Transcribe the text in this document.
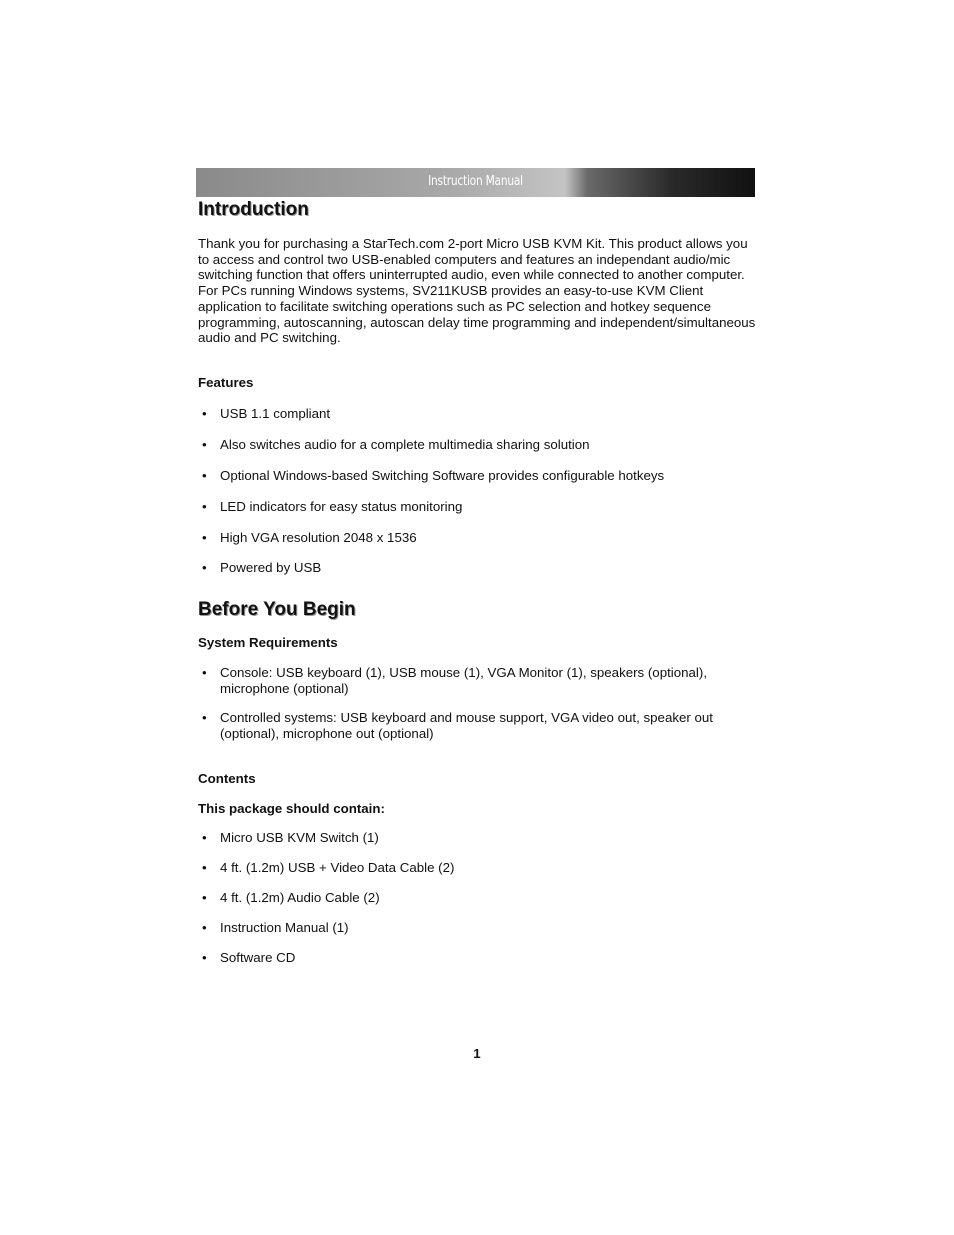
Instruction Manual
Introduction

Thank you for purchasing a StarTech.com 2-port Micro USB KVM Kit. This product allows you to access and control two USB-enabled computers and features an independant audio/mic switching function that offers uninterrupted audio, even while connected to another computer. For PCs running Windows systems, SV211KUSB provides an easy-to-use KVM Client application to facilitate switching operations such as PC selection and hotkey sequence programming, autoscanning, autoscan delay time programming and independent/simultaneous audio and PC switching.

Features
• USB 1.1 compliant
• Also switches audio for a complete multimedia sharing solution
• Optional Windows-based Switching Software provides configurable hotkeys
• LED indicators for easy status monitoring
• High VGA resolution 2048 x 1536
• Powered by USB
Before You Begin
System Requirements
• Console: USB keyboard (1), USB mouse (1), VGA Monitor (1), speakers (optional), microphone (optional)
• Controlled systems: USB keyboard and mouse support, VGA video out, speaker out (optional), microphone out (optional)
Contents
This package should contain:
• Micro USB KVM Switch (1)
• 4 ft. (1.2m) USB + Video Data Cable (2)
• 4 ft. (1.2m) Audio Cable (2)
• Instruction Manual (1)
• Software CD
1
